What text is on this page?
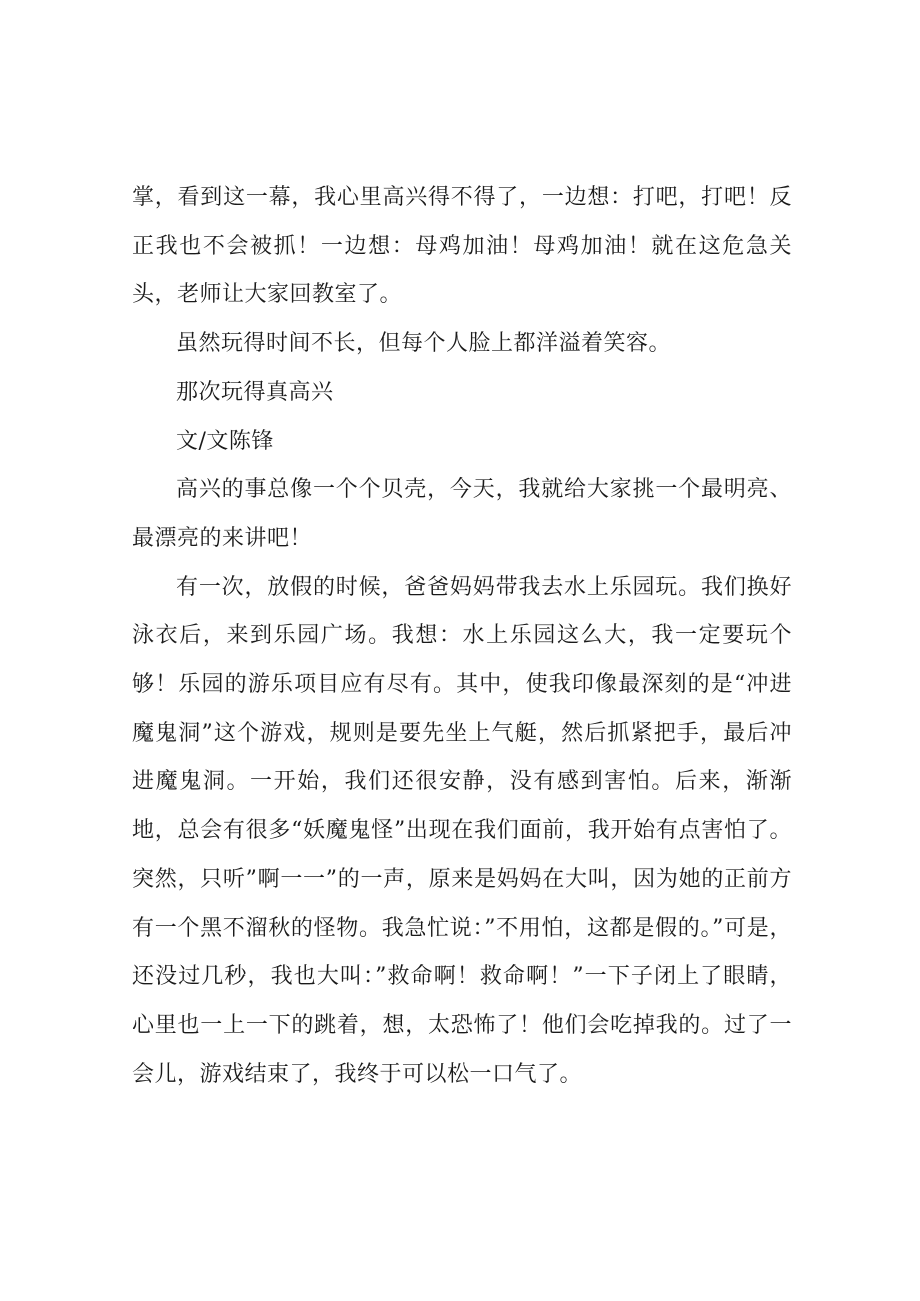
掌，看到这一幕，我心里高兴得不得了，一边想：打吧，打吧！反正我也不会被抓！一边想：母鸡加油！母鸡加油！就在这危急关头，老师让大家回教室了。

虽然玩得时间不长，但每个人脸上都洋溢着笑容。

那次玩得真高兴

文/文陈锋

高兴的事总像一个个贝壳，今天，我就给大家挑一个最明亮、最漂亮的来讲吧！

有一次，放假的时候，爸爸妈妈带我去水上乐园玩。我们换好泳衣后，来到乐园广场。我想：水上乐园这么大，我一定要玩个够！乐园的游乐项目应有尽有。其中，使我印像最深刻的是“冲进魔鬼洞”这个游戏，规则是要先坐上气艇，然后抓紧把手，最后冲进魔鬼洞。一开始，我们还很安静，没有感到害怕。后来，渐渐地，总会有很多“妖魔鬼怪”出现在我们面前，我开始有点害怕了。突然，只听”啊一一”的一声，原来是妈妈在大叫，因为她的正前方有一个黑不溜秋的怪物。我急忙说：”不用怕，这都是假的。”可是，还没过几秒，我也大叫：”救命啊！救命啊！”一下子闭上了眼睛，心里也一上一下的跳着，想，太恐怖了！他们会吃掉我的。过了一会儿，游戏结束了，我终于可以松一口气了。
